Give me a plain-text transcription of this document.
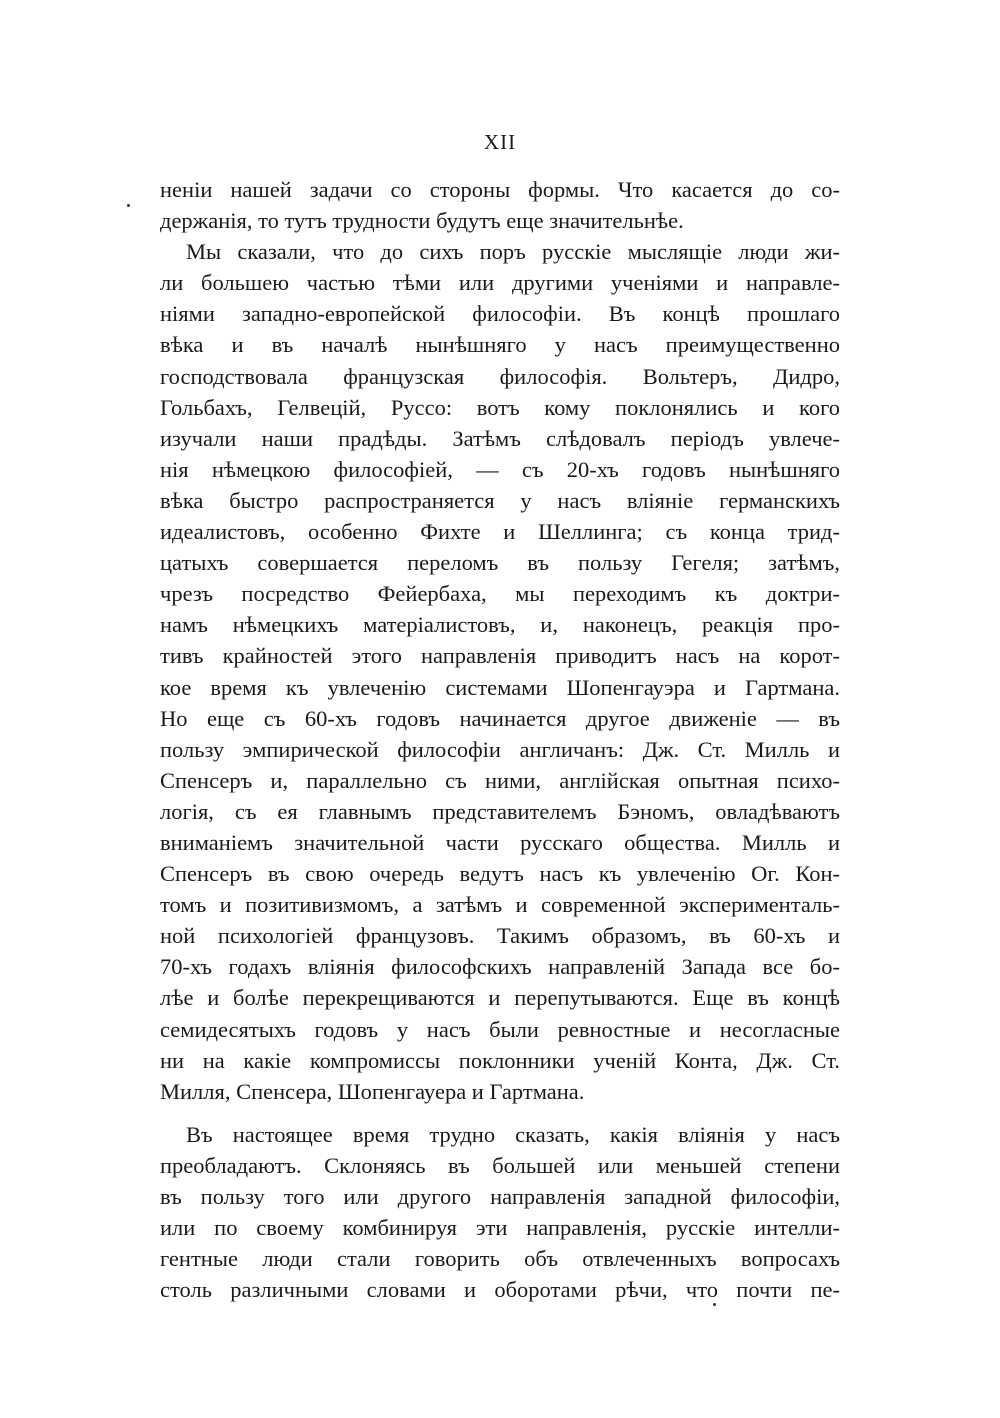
XII
неніи нашей задачи со стороны формы. Что касается до со-
держанія, то тутъ трудности будутъ еще значительнѣе.
Мы сказали, что до сихъ поръ русскіе мыслящіе люди жи-
ли большею частью тѣми или другими ученіями и направле-
ніями западно-европейской философіи. Въ концѣ прошлаго
вѣка и въ началѣ нынѣшняго у насъ преимущественно
господствовала французская философія. Вольтеръ, Дидро,
Гольбахъ, Гелвецій, Руссо: вотъ кому поклонялись и кого
изучали наши прадѣды. Затѣмъ слѣдовалъ періодъ увлече-
нія нѣмецкою философіей, — съ 20-хъ годовъ нынѣшняго
вѣка быстро распространяется у насъ вліяніе германскихъ
идеалистовъ, особенно Фихте и Шеллинга; съ конца трид-
цатыхъ совершается переломъ въ пользу Гегеля; затѣмъ,
чрезъ посредство Фейербаха, мы переходимъ къ доктри-
намъ нѣмецкихъ матеріалистовъ, и, наконецъ, реакція про-
тивъ крайностей этого направленія приводитъ насъ на корот-
кое время къ увлеченію системами Шопенгауэра и Гартмана.
Но еще съ 60-хъ годовъ начинается другое движеніе — въ
пользу эмпирической философіи англичанъ: Дж. Ст. Милль и
Спенсеръ и, параллельно съ ними, англійская опытная психо-
логія, съ ея главнымъ представителемъ Бэномъ, овладѣваютъ
вниманіемъ значительной части русскаго общества. Милль и
Спенсеръ въ свою очередь ведутъ насъ къ увлеченію Ог. Кон-
томъ и позитивизмомъ, а затѣмъ и современной эксперименталь-
ной психологіей французовъ. Такимъ образомъ, въ 60-хъ и
70-хъ годахъ вліянія философскихъ направленій Запада все бо-
лѣе и болѣе перекрещиваются и перепутываются. Еще въ концѣ
семидесятыхъ годовъ у насъ были ревностные и несогласные
ни на какіе компромиссы поклонники ученій Конта, Дж. Ст.
Милля, Спенсера, Шопенгауера и Гартмана.
Въ настоящее время трудно сказать, какія вліянія у насъ
преобладаютъ. Склоняясь въ большей или меньшей степени
въ пользу того или другого направленія западной философіи,
или по своему комбинируя эти направленія, русскіе интелли-
гентные люди стали говорить объ отвлеченныхъ вопросахъ
столь различными словами и оборотами рѣчи, что почти пе-
